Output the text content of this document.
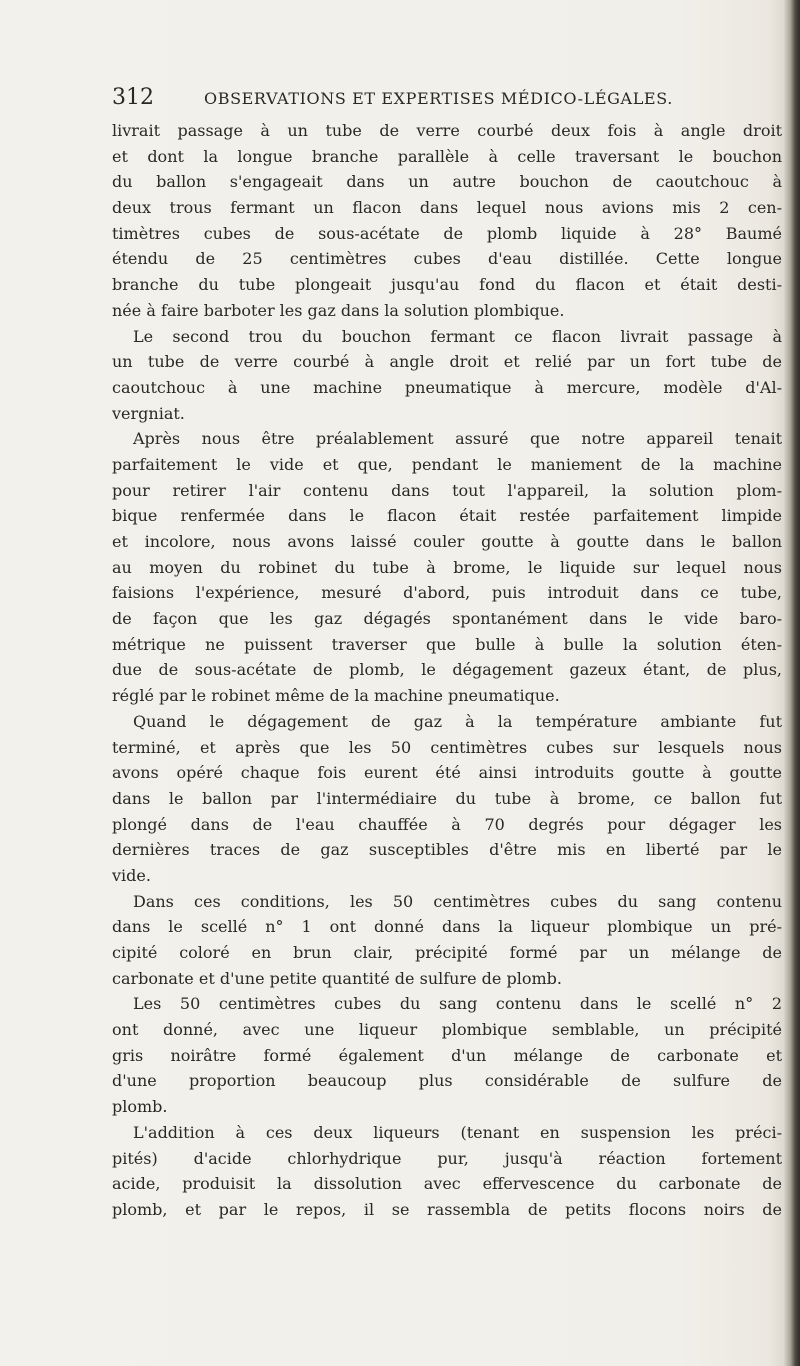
312	OBSERVATIONS ET EXPERTISES MÉDICO-LÉGALES.
livrait passage à un tube de verre courbé deux fois à angle droit
et dont la longue branche parallèle à celle traversant le bouchon
du ballon s'engageait dans un autre bouchon de caoutchouc à
deux trous fermant un flacon dans lequel nous avions mis 2 cen-
timètres cubes de sous-acétate de plomb liquide à 28° Baumé
étendu de 25 centimètres cubes d'eau distillée. Cette longue
branche du tube plongeait jusqu'au fond du flacon et était desti-
née à faire barboter les gaz dans la solution plombique.
Le second trou du bouchon fermant ce flacon livrait passage à
un tube de verre courbé à angle droit et relié par un fort tube de
caoutchouc à une machine pneumatique à mercure, modèle d'Al-
vergniat.
Après nous être préalablement assuré que notre appareil tenait
parfaitement le vide et que, pendant le maniement de la machine
pour retirer l'air contenu dans tout l'appareil, la solution plom-
bique renfermée dans le flacon était restée parfaitement limpide
et incolore, nous avons laissé couler goutte à goutte dans le ballon
au moyen du robinet du tube à brome, le liquide sur lequel nous
faisions l'expérience, mesuré d'abord, puis introduit dans ce tube,
de façon que les gaz dégagés spontanément dans le vide baro-
métrique ne puissent traverser que bulle à bulle la solution éten-
due de sous-acétate de plomb, le dégagement gazeux étant, de plus,
réglé par le robinet même de la machine pneumatique.
Quand le dégagement de gaz à la température ambiante fut
terminé, et après que les 50 centimètres cubes sur lesquels nous
avons opéré chaque fois eurent été ainsi introduits goutte à goutte
dans le ballon par l'intermédiaire du tube à brome, ce ballon fut
plongé dans de l'eau chauffée à 70 degrés pour dégager les
dernières traces de gaz susceptibles d'être mis en liberté par le
vide.
Dans ces conditions, les 50 centimètres cubes du sang contenu
dans le scellé n° 1 ont donné dans la liqueur plombique un pré-
cipité coloré en brun clair, précipité formé par un mélange de
carbonate et d'une petite quantité de sulfure de plomb.
Les 50 centimètres cubes du sang contenu dans le scellé n° 2
ont donné, avec une liqueur plombique semblable, un précipité
gris noirâtre formé également d'un mélange de carbonate et
d'une proportion beaucoup plus considérable de sulfure de
plomb.
L'addition à ces deux liqueurs (tenant en suspension les préci-
pités) d'acide chlorhydrique pur, jusqu'à réaction fortement
acide, produisit la dissolution avec effervescence du carbonate de
plomb, et par le repos, il se rassembla de petits flocons noirs de
